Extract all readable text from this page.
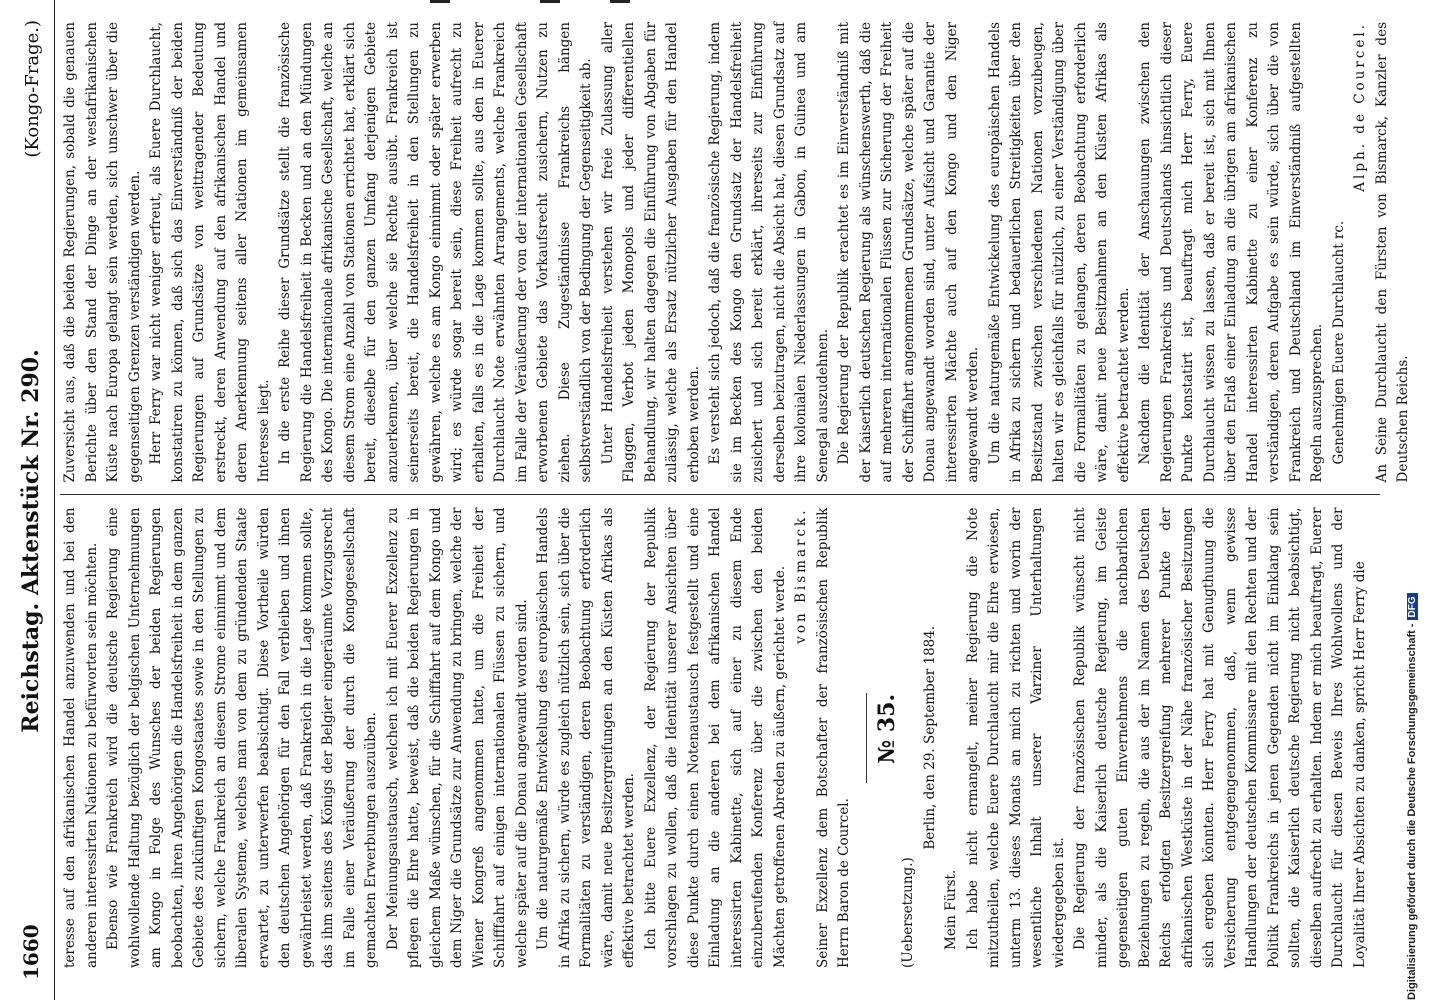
1660
Reichstag. Aktenstück Nr. 290.
(Kongo-Frage.)

teresse auf den afrikanischen Handel anzuwenden und bei den anderen interessirten Nationen zu befürworten sein möchten. Ebenso wie Frankreich wird die deutsche Regierung eine wohlwollende Haltung bezüglich der belgischen Unternehmungen am Kongo in Folge des Wunsches der beiden Regierungen beobachten, ihren Angehörigen die Handelsfreiheit in dem ganzen Gebiete des zukünftigen Kongostaates sowie in den Stellungen zu sichern, welche Frankreich an diesem Strome einnimmt und dem liberalen Systeme, welches man von dem zu gründenden Staate erwartet, zu unterwerfen beabsichtigt. Diese Vortheile würden den deutschen Angehörigen für den Fall verbleiben und ihnen gewährleistet werden, daß Frankreich in die Lage kommen sollte, das ihm seitens des Königs der Belgier eingeräumte Vorzugsrecht im Falle einer Veräußerung der durch die Kongogesellschaft gemachten Erwerbungen auszuüben. Der Meinungsaustausch, welchen ich mit Euerer Exzellenz zu pflegen die Ehre hatte, beweist, daß die beiden Regierungen in gleichem Maße wünschen, für die Schifffahrt auf dem Kongo und dem Niger die Grundsätze zur Anwendung zu bringen, welche der Wiener Kongreß angenommen hatte, um die Freiheit der Schifffahrt auf einigen internationalen Flüssen zu sichern, und welche später auf die Donau angewandt worden sind. Um die naturgemäße Entwickelung des europäischen Handels in Afrika zu sichern, würde es zugleich nützlich sein, sich über die Formalitäten zu verständigen, deren Beobachtung erforderlich wäre, damit neue Besitzergreifungen an den Küsten Afrikas als effektive betrachtet werden. Ich bitte Euere Exzellenz, der Regierung der Republik vorschlagen zu wollen, daß die Identität unserer Ansichten über diese Punkte durch einen Notenaustausch festgestellt und eine Einladung an die anderen bei dem afrikanischen Handel interessirten Kabinette, sich auf einer zu diesem Ende einzuberufenden Konferenz über die zwischen den beiden Mächten getroffenen Abreden zu äußern, gerichtet werde. von Bismarck. Seiner Exzellenz dem Botschafter der französischen Republik Herrn Baron de Courcel.

№ 35.

(Uebersetzung.)

Berlin, den 29. September 1884.

Mein Fürst. Ich habe nicht ermangelt, meiner Regierung die Note mitzutheilen, welche Euere Durchlaucht mir die Ehre erwiesen, unterm 13. dieses Monats an mich zu richten und worin der wesentliche Inhalt unserer Varziner Unterhaltungen wiedergegeben ist. Die Regierung der französischen Republik wünscht nicht minder, als die Kaiserlich deutsche Regierung, im Geiste gegenseitigen guten Einvernehmens die nachbarlichen Beziehungen zu regeln, die aus der im Namen des Deutschen Reichs erfolgten Besitzergreifung mehrerer Punkte der afrikanischen Westküste in der Nähe französischer Besitzungen sich ergeben könnten. Herr Ferry hat mit Genugthuung die Versicherung entgegengenommen, daß, wenn gewisse Handlungen der deutschen Kommissare mit den Rechten und der Politik Frankreichs in jenen Gegenden nicht im Einklang sein sollten, die Kaiserlich deutsche Regierung nicht beabsichtigt, dieselben aufrecht zu erhalten. Indem er mich beauftragt, Euerer Durchlaucht für diesen Beweis Ihres Wohlwollens und der Loyalität Ihrer Absichten zu danken, spricht Herr Ferry die

Zuversicht aus, daß die beiden Regierungen, sobald die genauen Berichte über den Stand der Dinge an der westafrikanischen Küste nach Europa gelangt sein werden, sich unschwer über die gegenseitigen Grenzen verständigen werden. Herr Ferry war nicht weniger erfreut, als Euere Durchlaucht, konstatiren zu können, daß sich das Einverständniß der beiden Regierungen auf Grundsätze von weittragender Bedeutung erstreckt, deren Anwendung auf den afrikanischen Handel und deren Anerkennung seitens aller Nationen im gemeinsamen Interesse liegt. In die erste Reihe dieser Grundsätze stellt die französische Regierung die Handelsfreiheit in Becken und an den Mündungen des Kongo. Die internationale afrikanische Gesellschaft, welche an diesem Strom eine Anzahl von Stationen errichtet hat, erklärt sich bereit, dieselbe für den ganzen Umfang derjenigen Gebiete anzuerkennen, über welche sie Rechte ausübt. Frankreich ist seinerseits bereit, die Handelsfreiheit in den Stellungen zu gewähren, welche es am Kongo einnimmt oder später erwerben wird; es würde sogar bereit sein, diese Freiheit aufrecht zu erhalten, falls es in die Lage kommen sollte, aus den in Euerer Durchlaucht Note erwähnten Arrangements, welche Frankreich im Falle der Veräußerung der von der internationalen Gesellschaft erworbenen Gebiete das Vorkaufsrecht zusichern, Nutzen zu ziehen. Diese Zugeständnisse Frankreichs hängen selbstverständlich von der Bedingung der Gegenseitigkeit ab. Unter Handelsfreiheit verstehen wir freie Zulassung aller Flaggen, Verbot jeden Monopols und jeder differentiellen Behandlung, wir halten dagegen die Einführung von Abgaben für zulässig, welche als Ersatz nützlicher Ausgaben für den Handel erhoben werden. Es versteht sich jedoch, daß die französische Regierung, indem sie im Becken des Kongo den Grundsatz der Handelsfreiheit zusichert und sich bereit erklärt, ihrerseits zur Einführung derselben beizutragen, nicht die Absicht hat, diesen Grundsatz auf ihre kolonialen Niederlassungen in Gabon, in Guinea und am Senegal auszudehnen. Die Regierung der Republik erachtet es im Einverständniß mit der Kaiserlich deutschen Regierung als wünschenswerth, daß die auf mehreren internationalen Flüssen zur Sicherung der Freiheit der Schifffahrt angenommenen Grundsätze, welche später auf die Donau angewandt worden sind, unter Aufsicht und Garantie der interessirten Mächte auch auf den Kongo und den Niger angewandt werden. Um die naturgemäße Entwickelung des europäischen Handels in Afrika zu sichern und bedauerlichen Streitigkeiten über den Besitzstand zwischen verschiedenen Nationen vorzubeugen, halten wir es gleichfalls für nützlich, zu einer Verständigung über die Formalitäten zu gelangen, deren Beobachtung erforderlich wäre, damit neue Besitznahmen an den Küsten Afrikas als effektive betrachtet werden. Nachdem die Identität der Anschauungen zwischen den Regierungen Frankreichs und Deutschlands hinsichtlich dieser Punkte konstatirt ist, beauftragt mich Herr Ferry, Euere Durchlaucht wissen zu lassen, daß er bereit ist, sich mit Ihnen über den Erlaß einer Einladung an die übrigen am afrikanischen Handel interessirten Kabinette zu einer Konferenz zu verständigen, deren Aufgabe es sein würde, sich über die von Frankreich und Deutschland im Einverständniß aufgestellten Regeln auszusprechen. Genehmigen Euere Durchlaucht rc.

Alph. de Courcel. An Seine Durchlaucht den Fürsten von Bismarck, Kanzler des Deutschen Reichs.

Digitalisierung gefördert durch die Deutsche Forschungsgemeinschaft -DFG
